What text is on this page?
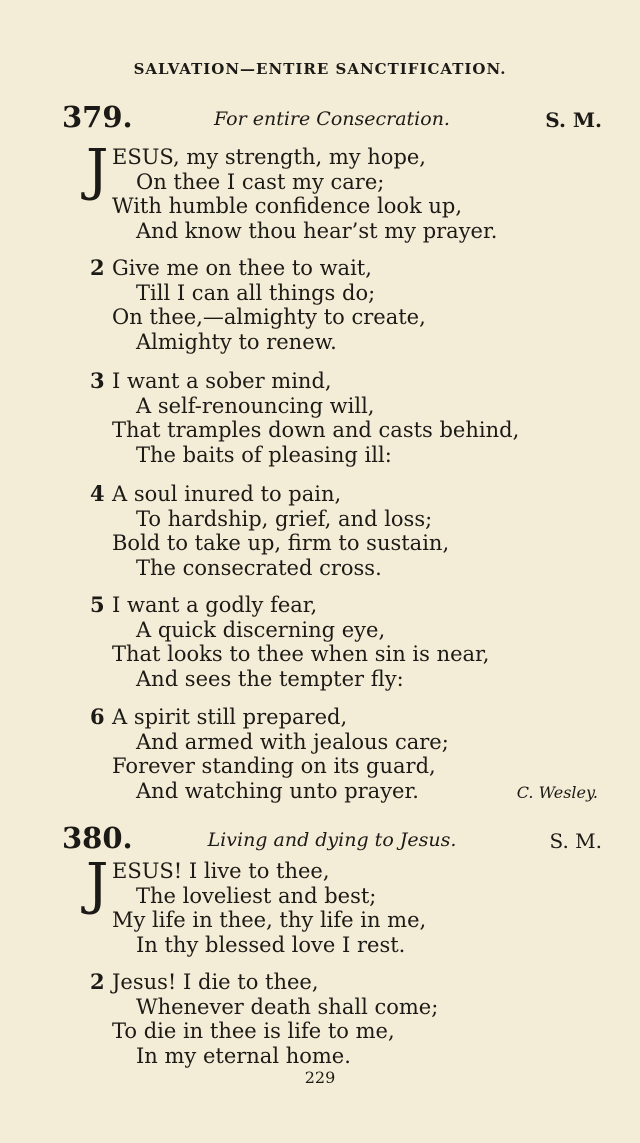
SALVATION—ENTIRE SANCTIFICATION.
379.	For entire Consecration.	S. M.
J ESUS, my strength, my hope,
On thee I cast my care;
With humble confidence look up,
And know thou hear’st my prayer.
2 Give me on thee to wait,
Till I can all things do;
On thee,—almighty to create,
Almighty to renew.
3 I want a sober mind,
A self-renouncing will,
That tramples down and casts behind,
The baits of pleasing ill:
4 A soul inured to pain,
To hardship, grief, and loss;
Bold to take up, firm to sustain,
The consecrated cross.
5 I want a godly fear,
A quick discerning eye,
That looks to thee when sin is near,
And sees the tempter fly:
6 A spirit still prepared,
And armed with jealous care;
Forever standing on its guard,
And watching unto prayer.	C. Wesley.
380.	Living and dying to Jesus.	S. M.
J ESUS! I live to thee,
The loveliest and best;
My life in thee, thy life in me,
In thy blessed love I rest.
2 Jesus! I die to thee,
Whenever death shall come;
To die in thee is life to me,
In my eternal home.
229
